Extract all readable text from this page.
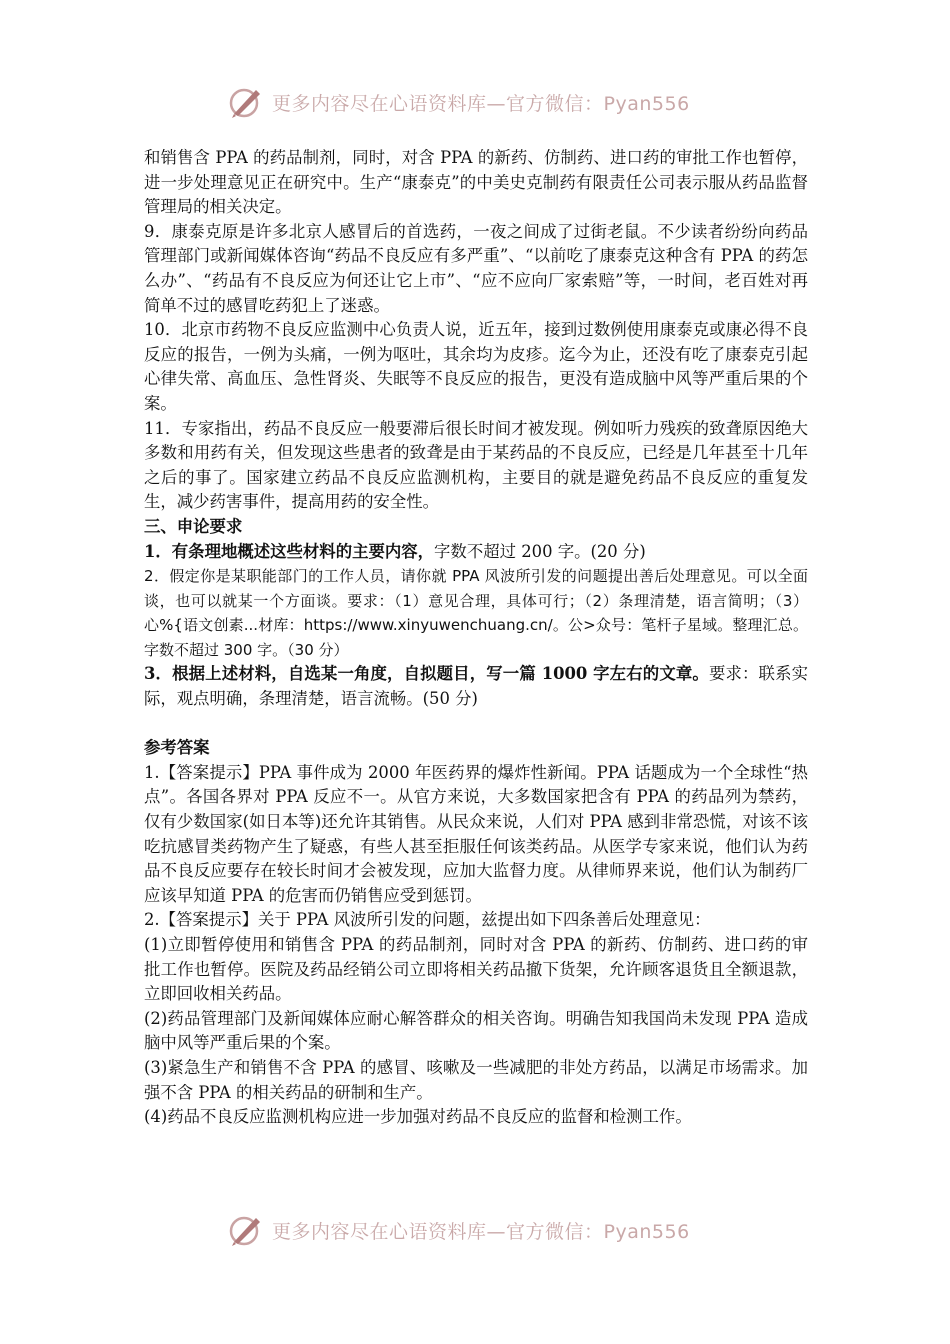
更多内容尽在心语资料库—官方微信：Pyan556

和销售含 PPA 的药品制剂，同时，对含 PPA 的新药、仿制药、进口药的审批工作也暂停，进一步处理意见正在研究中。生产“康泰克”的中美史克制药有限责任公司表示服从药品监督管理局的相关决定。

9．康泰克原是许多北京人感冒后的首选药，一夜之间成了过街老鼠。不少读者纷纷向药品管理部门或新闻媒体咨询“药品不良反应有多严重”、“以前吃了康泰克这种含有 PPA 的药怎么办”、“药品有不良反应为何还让它上市”、“应不应向厂家索赔”等，一时间，老百姓对再简单不过的感冒吃药犯上了迷惑。

10．北京市药物不良反应监测中心负责人说，近五年，接到过数例使用康泰克或康必得不良反应的报告，一例为头痛，一例为呕吐，其余均为皮疹。迄今为止，还没有吃了康泰克引起心律失常、高血压、急性肾炎、失眠等不良反应的报告，更没有造成脑中风等严重后果的个案。

11．专家指出，药品不良反应一般要滞后很长时间才被发现。例如听力残疾的致聋原因绝大多数和用药有关，但发现这些患者的致聋是由于某药品的不良反应，已经是几年甚至十几年之后的事了。国家建立药品不良反应监测机构，主要目的就是避免药品不良反应的重复发生，减少药害事件，提高用药的安全性。

三、申论要求

1．有条理地概述这些材料的主要内容，字数不超过 200 字。(20 分)

2．假定你是某职能部门的工作人员，请你就 PPA 风波所引发的问题提出善后处理意见。可以全面谈，也可以就某一个方面谈。要求：（1）意见合理，具体可行；（2）条理清楚，语言简明；（3）心%{语文创素...材库：https://www.xinyuwenchuang.cn/。公>众号：笔杆子星域。整理汇总。字数不超过 300 字。（30 分）

3．根据上述材料，自选某一角度，自拟题目，写一篇 1000 字左右的文章。要求：联系实际，观点明确，条理清楚，语言流畅。(50 分)

参考答案

1.【答案提示】PPA 事件成为 2000 年医药界的爆炸性新闻。PPA 话题成为一个全球性“热点”。各国各界对 PPA 反应不一。从官方来说，大多数国家把含有 PPA 的药品列为禁药，仅有少数国家(如日本等)还允许其销售。从民众来说，人们对 PPA 感到非常恐慌，对该不该吃抗感冒类药物产生了疑惑，有些人甚至拒服任何该类药品。从医学专家来说，他们认为药品不良反应要存在较长时间才会被发现，应加大监督力度。从律师界来说，他们认为制药厂应该早知道 PPA 的危害而仍销售应受到惩罚。

2.【答案提示】关于 PPA 风波所引发的问题，兹提出如下四条善后处理意见：

(1)立即暂停使用和销售含 PPA 的药品制剂，同时对含 PPA 的新药、仿制药、进口药的审批工作也暂停。医院及药品经销公司立即将相关药品撤下货架，允许顾客退货且全额退款，立即回收相关药品。

(2)药品管理部门及新闻媒体应耐心解答群众的相关咨询。明确告知我国尚未发现 PPA 造成脑中风等严重后果的个案。

(3)紧急生产和销售不含 PPA 的感冒、咳嗽及一些减肥的非处方药品，以满足市场需求。加强不含 PPA 的相关药品的研制和生产。

(4)药品不良反应监测机构应进一步加强对药品不良反应的监督和检测工作。

更多内容尽在心语资料库—官方微信：Pyan556
